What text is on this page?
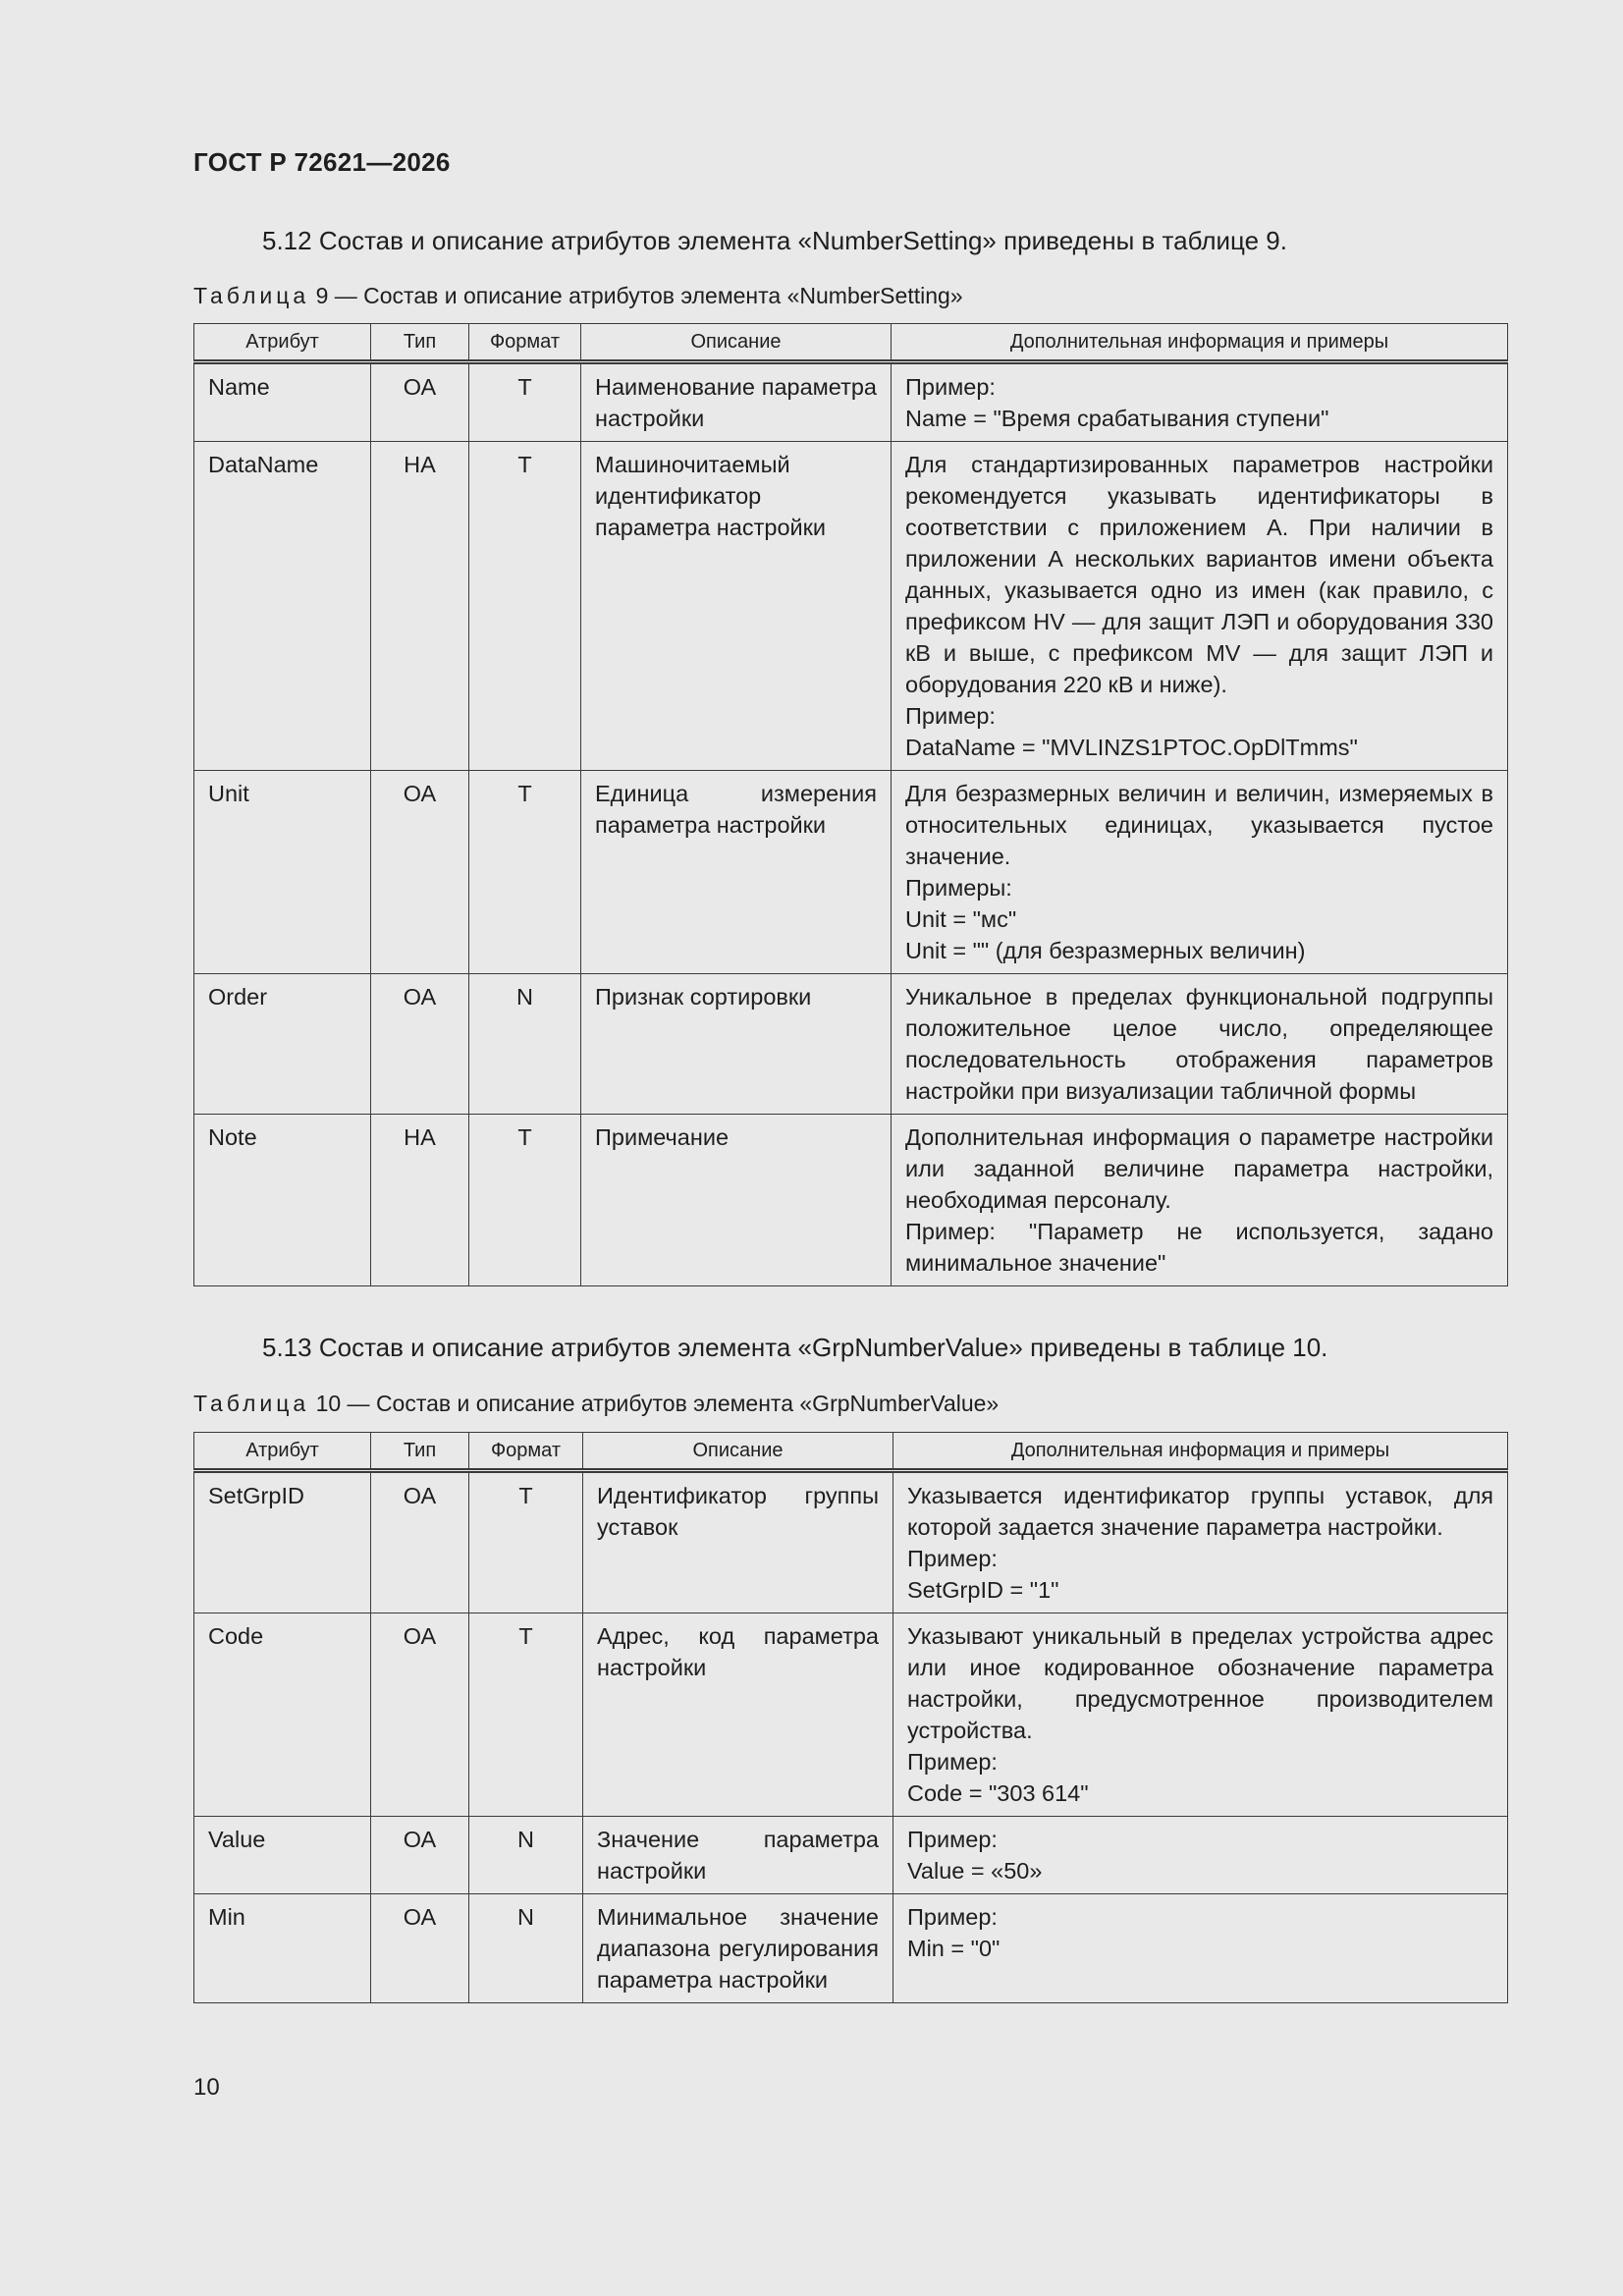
ГОСТ Р 72621—2026
5.12 Состав и описание атрибутов элемента «NumberSetting» приведены в таблице 9.
Таблица 9 — Состав и описание атрибутов элемента «NumberSetting»
Атрибут	Тип	Формат	Описание	Дополнительная информация и примеры
Name	ОА	T	Наименование параметра настройки	Пример:
Name = "Время срабатывания ступени"

DataName	НА	T	Машиночитаемый идентификатор параметра настройки	Для стандартизированных параметров настройки рекомендуется указывать идентификаторы в соответствии с приложением А. При наличии в приложении А нескольких вариантов имени объекта данных, указывается одно из имен (как правило, с префиксом HV — для защит ЛЭП и оборудования 330 кВ и выше, с префиксом MV — для защит ЛЭП и оборудования 220 кВ и ниже).
Пример:
DataName = "MVLINZS1PTOC.OpDlTmms"

Unit	ОА	T	Единица измерения параметра настройки	Для безразмерных величин и величин, измеряемых в относительных единицах, указывается пустое значение.
Примеры:
Unit = "мс"
Unit = "" (для безразмерных величин)

Order	ОА	N	Признак сортировки	Уникальное в пределах функциональной подгруппы положительное целое число, определяющее последовательность отображения параметров настройки при визуализации табличной формы

Note	НА	T	Примечание	Дополнительная информация о параметре настройки или заданной величине параметра настройки, необходимая персоналу.
Пример: "Параметр не используется, задано минимальное значение"
5.13 Состав и описание атрибутов элемента «GrpNumberValue» приведены в таблице 10.
Таблица 10 — Состав и описание атрибутов элемента «GrpNumberValue»
Атрибут	Тип	Формат	Описание	Дополнительная информация и примеры
SetGrpID	ОА	T	Идентификатор группы уставок	Указывается идентификатор группы уставок, для которой задается значение параметра настройки.
Пример:
SetGrpID = "1"

Code	ОА	T	Адрес, код параметра настройки	Указывают уникальный в пределах устройства адрес или иное кодированное обозначение параметра настройки, предусмотренное производителем устройства.
Пример:
Code = "303 614"

Value	ОА	N	Значение параметра настройки	Пример:
Value = «50»

Min	ОА	N	Минимальное значение диапазона регулирования параметра настройки	Пример:
Min = "0"
10
